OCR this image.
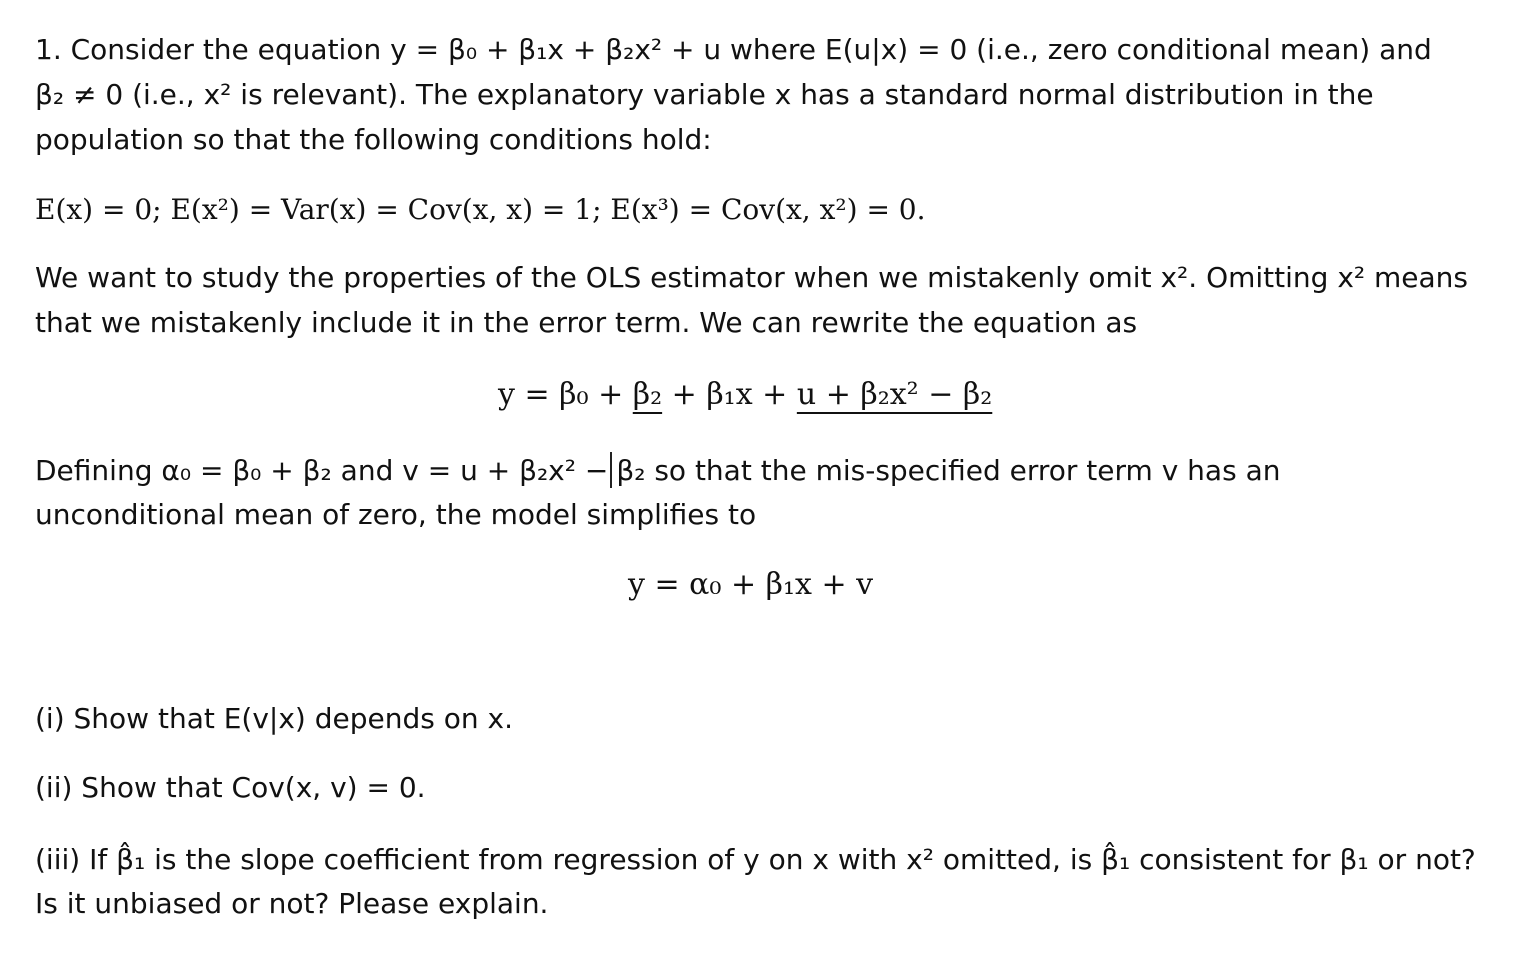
1. Consider the equation y = β₀ + β₁x + β₂x² + u where E(u|x) = 0 (i.e., zero conditional mean) and
β₂ ≠ 0 (i.e., x² is relevant). The explanatory variable x has a standard normal distribution in the
population so that the following conditions hold:
E(x) = 0; E(x²) = Var(x) = Cov(x, x) = 1; E(x³) = Cov(x, x²) = 0.
We want to study the properties of the OLS estimator when we mistakenly omit x². Omitting x² means
that we mistakenly include it in the error term. We can rewrite the equation as
y = β₀ + β₂ + β₁x + u + β₂x² − β₂
Defining α₀ = β₀ + β₂ and v = u + β₂x² − β₂ so that the mis-specified error term v has an
unconditional mean of zero, the model simplifies to
y = α₀ + β₁x + v
(i) Show that E(v|x) depends on x.
(ii) Show that Cov(x, v) = 0.
(iii) If β̂₁ is the slope coefficient from regression of y on x with x² omitted, is β̂₁ consistent for β₁ or not?
Is it unbiased or not? Please explain.
